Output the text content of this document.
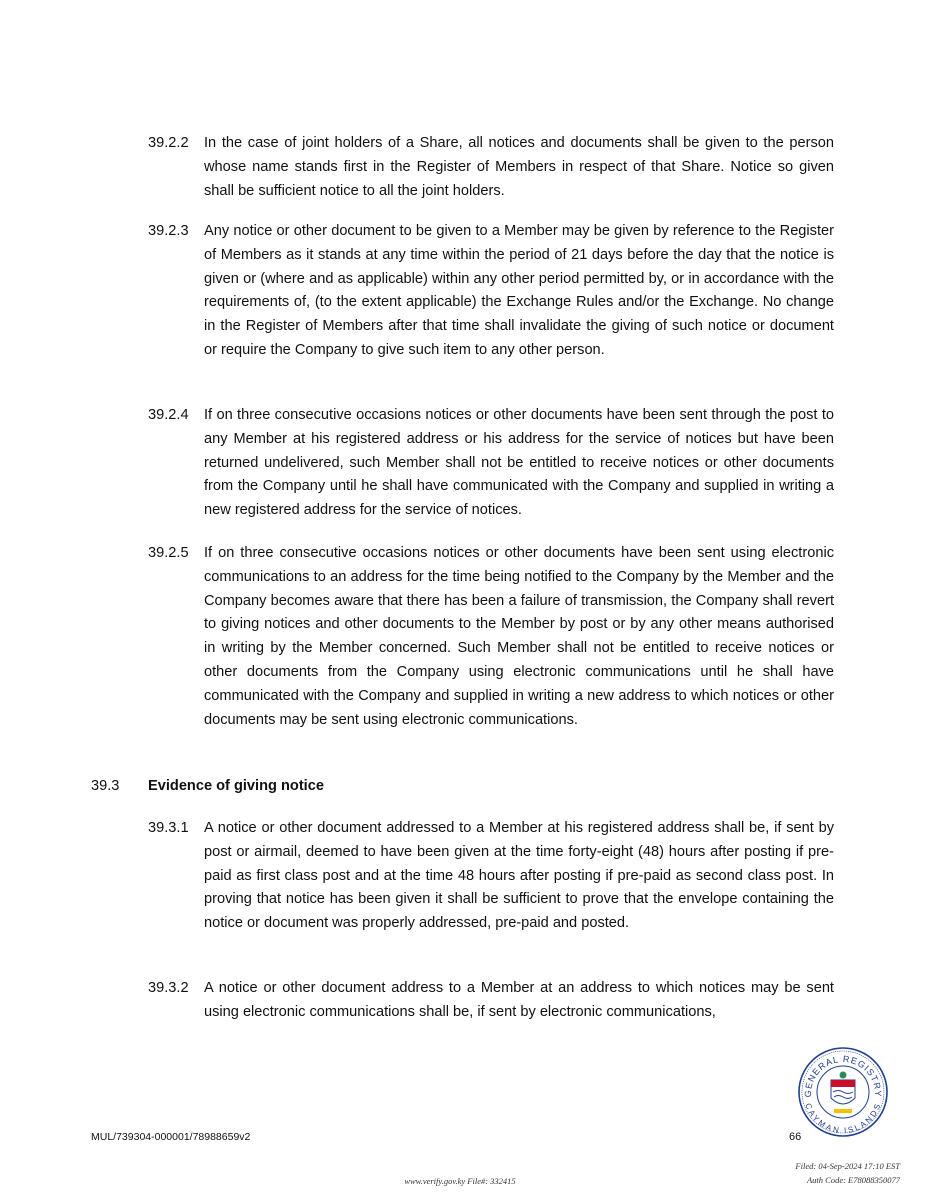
39.2.2 In the case of joint holders of a Share, all notices and documents shall be given to the person whose name stands first in the Register of Members in respect of that Share. Notice so given shall be sufficient notice to all the joint holders.
39.2.3 Any notice or other document to be given to a Member may be given by reference to the Register of Members as it stands at any time within the period of 21 days before the day that the notice is given or (where and as applicable) within any other period permitted by, or in accordance with the requirements of, (to the extent applicable) the Exchange Rules and/or the Exchange. No change in the Register of Members after that time shall invalidate the giving of such notice or document or require the Company to give such item to any other person.
39.2.4 If on three consecutive occasions notices or other documents have been sent through the post to any Member at his registered address or his address for the service of notices but have been returned undelivered, such Member shall not be entitled to receive notices or other documents from the Company until he shall have communicated with the Company and supplied in writing a new registered address for the service of notices.
39.2.5 If on three consecutive occasions notices or other documents have been sent using electronic communications to an address for the time being notified to the Company by the Member and the Company becomes aware that there has been a failure of transmission, the Company shall revert to giving notices and other documents to the Member by post or by any other means authorised in writing by the Member concerned. Such Member shall not be entitled to receive notices or other documents from the Company using electronic communications until he shall have communicated with the Company and supplied in writing a new address to which notices or other documents may be sent using electronic communications.
39.3 Evidence of giving notice
39.3.1 A notice or other document addressed to a Member at his registered address shall be, if sent by post or airmail, deemed to have been given at the time forty-eight (48) hours after posting if pre-paid as first class post and at the time 48 hours after posting if pre-paid as second class post. In proving that notice has been given it shall be sufficient to prove that the envelope containing the notice or document was properly addressed, pre-paid and posted.
39.3.2 A notice or other document address to a Member at an address to which notices may be sent using electronic communications shall be, if sent by electronic communications,
MUL/739304-000001/78988659v2	66
GENERAL REGISTRY
CAYMAN ISLANDS
Filed: 04-Sep-2024 17:10 EST
Auth Code: E78088350077
www.verify.gov.ky File#: 332415
